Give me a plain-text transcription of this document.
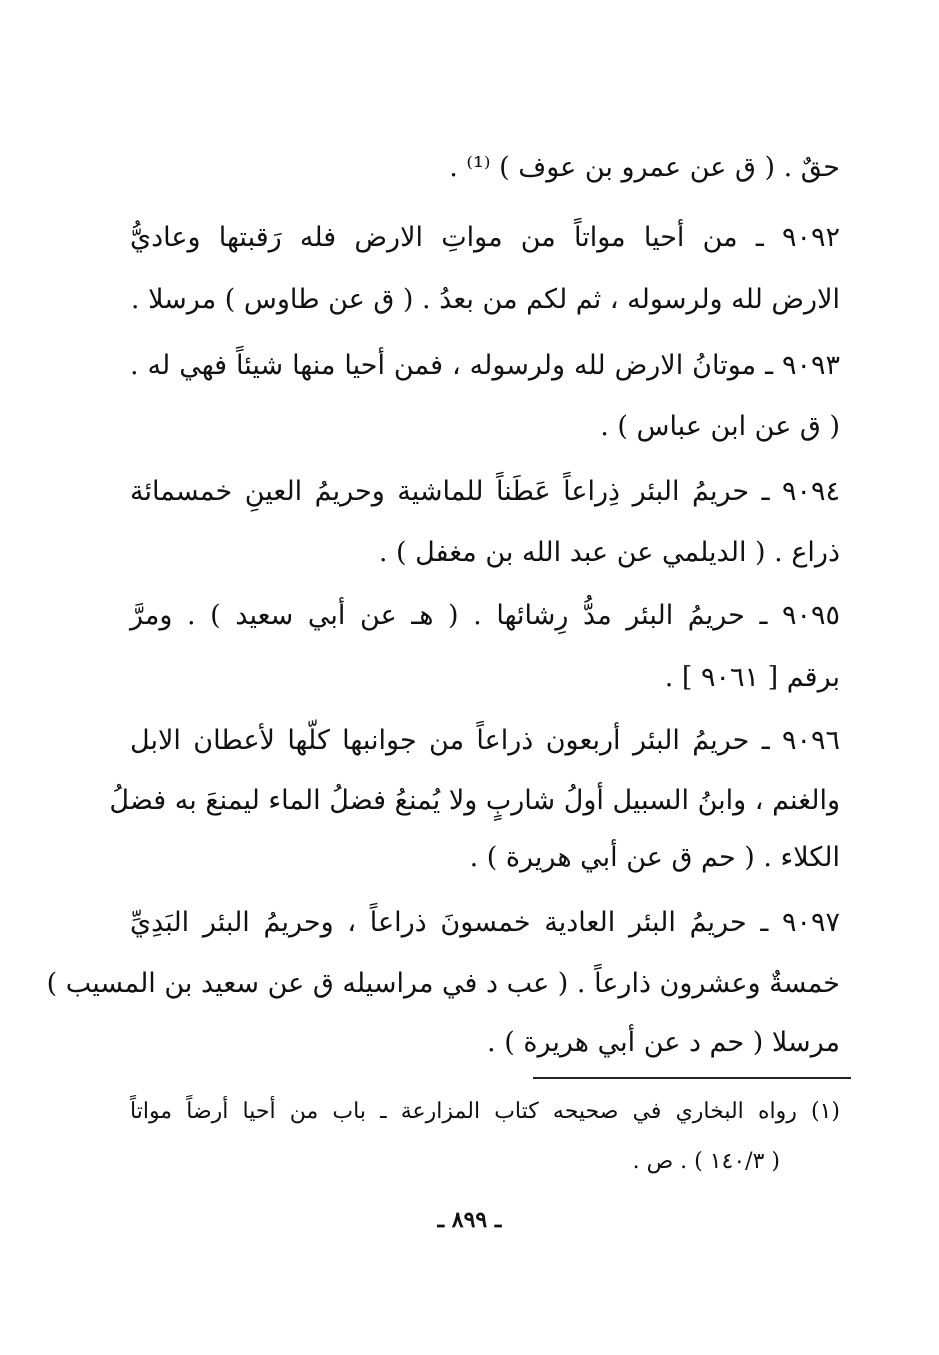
حقٌ . ( ق عن عمرو بن عوف ) ⁽¹⁾ .
٩٠٩٢ ـ من أحيا مواتاً من مواتِ الارض فله رَقبتها وعاديُّ
الارض لله ولرسوله ، ثم لكم من بعدُ . ( ق عن طاوس ) مرسلا .
٩٠٩٣ ـ موتانُ الارض لله ولرسوله ، فمن أحيا منها شيئاً فهي له .
( ق عن ابن عباس ) .
٩٠٩٤ ـ حريمُ البئر ذِراعاً عَطَناً للماشية وحريمُ العينِ خمسمائة
ذراع . ( الديلمي عن عبد الله بن مغفل ) .
٩٠٩٥ ـ حريمُ البئر مدُّ رِشائها . ( هـ عن أبي سعيد ) . ومرَّ
برقم [ ٩٠٦١ ] .
٩٠٩٦ ـ حريمُ البئر أربعون ذراعاً من جوانبها كلّها لأعطان الابل
والغنم ، وابنُ السبيل أولُ شاربٍ ولا يُمنعُ فضلُ الماء ليمنعَ به فضلُ
الكلاء . ( حم ق عن أبي هريرة ) .
٩٠٩٧ ـ حريمُ البئر العادية خمسونَ ذراعاً ، وحريمُ البئر البَدِيِّ
خمسةٌ وعشرون ذارعاً . ( عب د في مراسيله ق عن سعيد بن المسيب )
مرسلا ( حم د عن أبي هريرة ) .
(١) رواه البخاري في صحيحه كتاب المزارعة ـ باب من أحيا أرضاً مواتاً
( ١٤٠/٣ ) . ص .
ـ ٨٩٩ ـ
